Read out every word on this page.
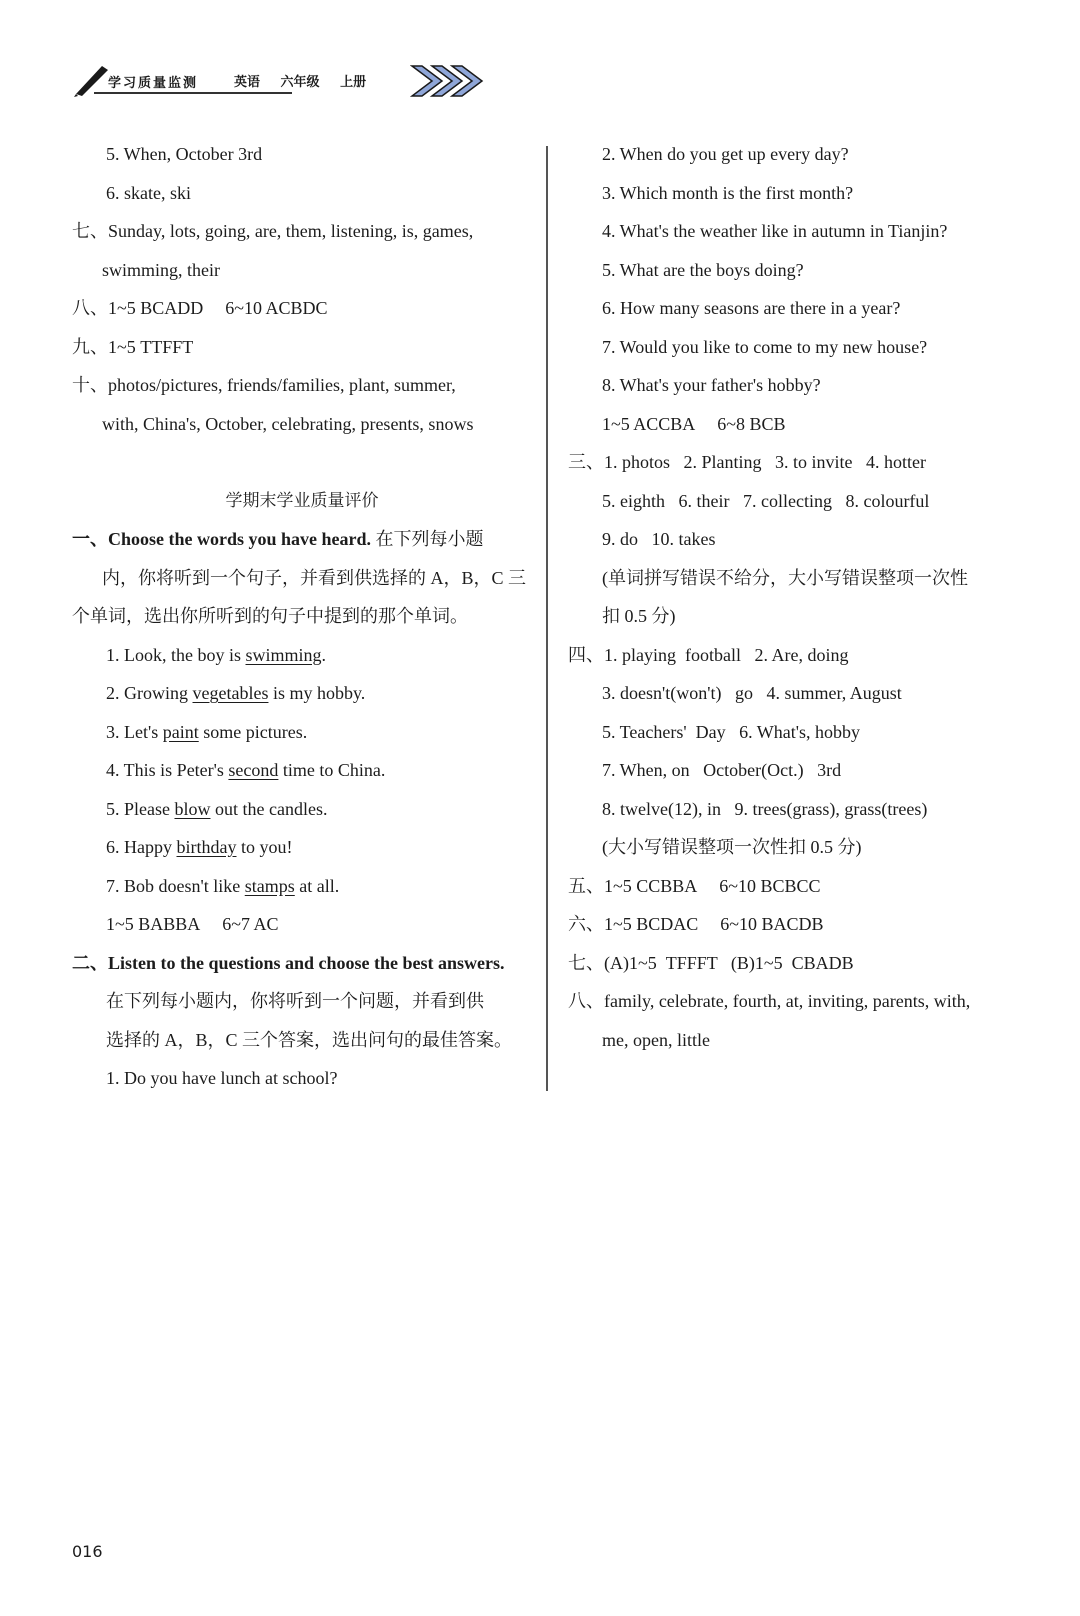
学习质量监测	英语 六年级 上册
5. When, October 3rd
6. skate, ski
七、Sunday, lots, going, are, them, listening, is, games,
swimming, their
八、1~5 BCADD 6~10 ACBDC
九、1~5 TTFFT
十、photos/pictures, friends/families, plant, summer,
with, China's, October, celebrating, presents, snows
学期末学业质量评价
一、Choose the words you have heard. 在下列每小题
内，你将听到一个句子，并看到供选择的 A，B，C 三
个单词，选出你所听到的句子中提到的那个单词。
1. Look, the boy is swimming.
2. Growing vegetables is my hobby.
3. Let's paint some pictures.
4. This is Peter's second time to China.
5. Please blow out the candles.
6. Happy birthday to you!
7. Bob doesn't like stamps at all.
1~5 BABBA 6~7 AC
二、Listen to the questions and choose the best answers.
在下列每小题内，你将听到一个问题，并看到供
选择的 A，B，C 三个答案，选出问句的最佳答案。
1. Do you have lunch at school?
2. When do you get up every day?
3. Which month is the first month?
4. What's the weather like in autumn in Tianjin?
5. What are the boys doing?
6. How many seasons are there in a year?
7. Would you like to come to my new house?
8. What's your father's hobby?
1~5 ACCBA 6~8 BCB
三、1. photos   2. Planting   3. to invite   4. hotter
5. eighth   6. their   7. collecting   8. colourful
9. do   10. takes
(单词拼写错误不给分，大小写错误整项一次性
扣 0.5 分)
四、1. playing  football   2. Are, doing
3. doesn't(won't)   go   4. summer, August
5. Teachers'  Day   6. What's, hobby
7. When, on   October(Oct.)   3rd
8. twelve(12), in   9. trees(grass), grass(trees)
(大小写错误整项一次性扣 0.5 分)
五、1~5 CCBBA 6~10 BCBCC
六、1~5 BCDAC 6~10 BACDB
七、(A)1~5  TFFFT   (B)1~5  CBADB
八、family, celebrate, fourth, at, inviting, parents, with,
me, open, little
016
